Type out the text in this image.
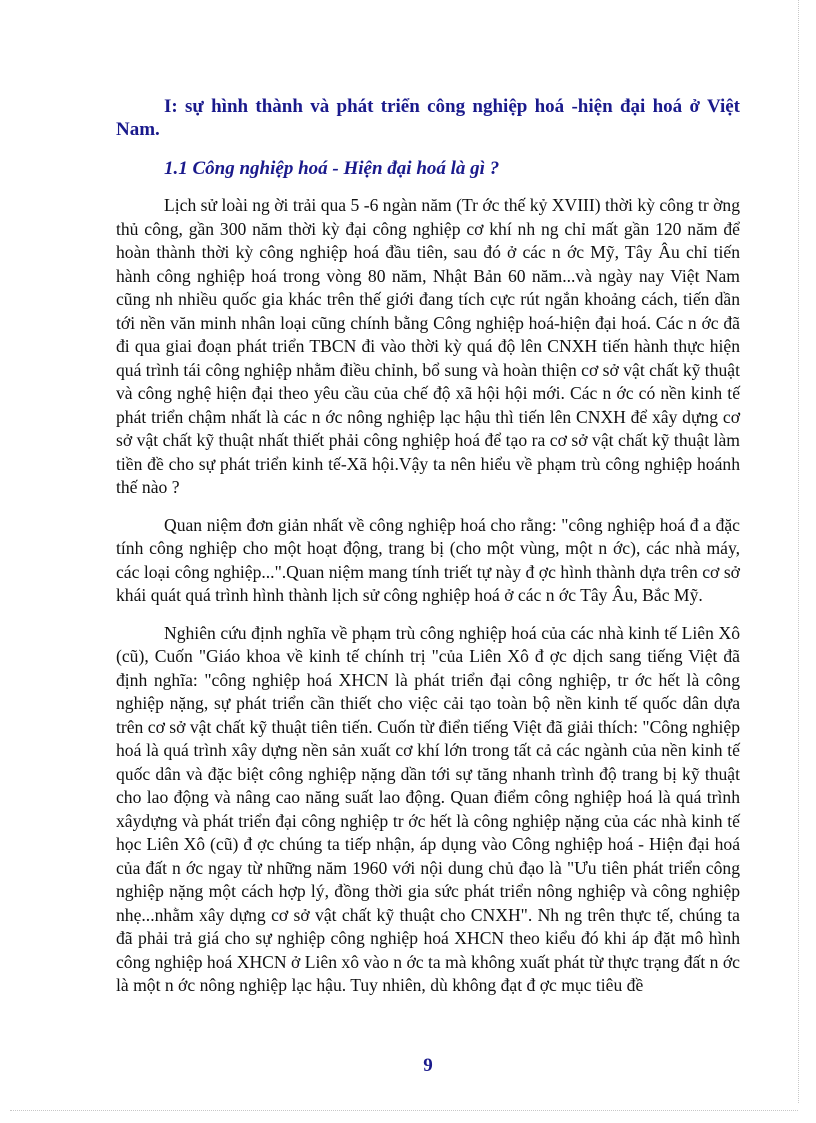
I: sự hình thành và phát triển công nghiệp hoá -hiện đại hoá ở Việt Nam.

1.1 Công nghiệp hoá - Hiện đại hoá là gì ?

Lịch sử loài ng ời trải qua 5 -6 ngàn năm (Tr ớc thế kỷ XVIII) thời kỳ công tr ờng thủ công, gần 300 năm thời kỳ đại công nghiệp cơ khí nh ng chỉ mất gần 120 năm để hoàn thành thời kỳ công nghiệp hoá đầu tiên, sau đó ở các n ớc Mỹ, Tây Âu chỉ tiến hành công nghiệp hoá trong vòng 80 năm, Nhật Bản 60 năm...và ngày nay Việt Nam cũng nh nhiều quốc gia khác trên thế giới đang tích cực rút ngắn khoảng cách, tiến dần tới nền văn minh nhân loại cũng chính bằng Công nghiệp hoá-hiện đại hoá. Các n ớc đã đi qua giai đoạn phát triển TBCN đi vào thời kỳ quá độ lên CNXH tiến hành thực hiện quá trình tái công nghiệp nhằm điều chỉnh, bổ sung và hoàn thiện cơ sở vật chất kỹ thuật và công nghệ hiện đại theo yêu cầu của chế độ xã hội hội mới. Các n ớc có nền kinh tế phát triển chậm nhất là các n ớc nông nghiệp lạc hậu thì tiến lên CNXH để xây dựng cơ sở vật chất kỹ thuật nhất thiết phải công nghiệp hoá để tạo ra cơ sở vật chất kỹ thuật làm tiền đề cho sự phát triển kinh tế-Xã hội.Vậy ta nên hiểu về phạm trù công nghiệp hoánh thế nào ?

Quan niệm đơn giản nhất về công nghiệp hoá cho rằng: "công nghiệp hoá đ a đặc tính công nghiệp cho một hoạt động, trang bị (cho một vùng, một n ớc), các nhà máy, các loại công nghiệp...".Quan niệm mang tính triết tự này đ ợc hình thành dựa trên cơ sở khái quát quá trình hình thành lịch sử công nghiệp hoá ở các n ớc Tây Âu, Bắc Mỹ.

Nghiên cứu định nghĩa về phạm trù công nghiệp hoá của các nhà kinh tế Liên Xô (cũ), Cuốn "Giáo khoa về kinh tế chính trị "của Liên Xô đ ợc dịch sang tiếng Việt đã định nghĩa: "công nghiệp hoá XHCN là phát triển đại công nghiệp, tr ớc hết là công nghiệp nặng, sự phát triển cần thiết cho việc cải tạo toàn bộ nền kinh tế quốc dân dựa trên cơ sở vật chất kỹ thuật tiên tiến. Cuốn từ điển tiếng Việt đã giải thích: "Công nghiệp hoá là quá trình xây dựng nền sản xuất cơ khí lớn trong tất cả các ngành của nền kinh tế quốc dân và đặc biệt công nghiệp nặng dần tới sự tăng nhanh trình độ trang bị kỹ thuật cho lao động và nâng cao năng suất lao động. Quan điểm công nghiệp hoá là quá trình xâydựng và phát triển đại công nghiệp tr ớc hết là công nghiệp nặng của các nhà kinh tế học Liên Xô (cũ) đ ợc chúng ta tiếp nhận, áp dụng vào Công nghiệp hoá - Hiện đại hoá của đất n ớc ngay từ những năm 1960 với nội dung chủ đạo là "Ưu tiên phát triển công nghiệp nặng một cách hợp lý, đồng thời gia sức phát triển nông nghiệp và công nghiệp nhẹ...nhằm xây dựng cơ sở vật chất kỹ thuật cho CNXH". Nh ng trên thực tế, chúng ta đã phải trả giá cho sự nghiệp công nghiệp hoá XHCN theo kiểu đó khi áp đặt mô hình công nghiệp hoá XHCN ở Liên xô vào n ớc ta mà không xuất phát từ thực trạng đất n ớc là một n ớc nông nghiệp lạc hậu. Tuy nhiên, dù không đạt đ ợc mục tiêu đề

9
